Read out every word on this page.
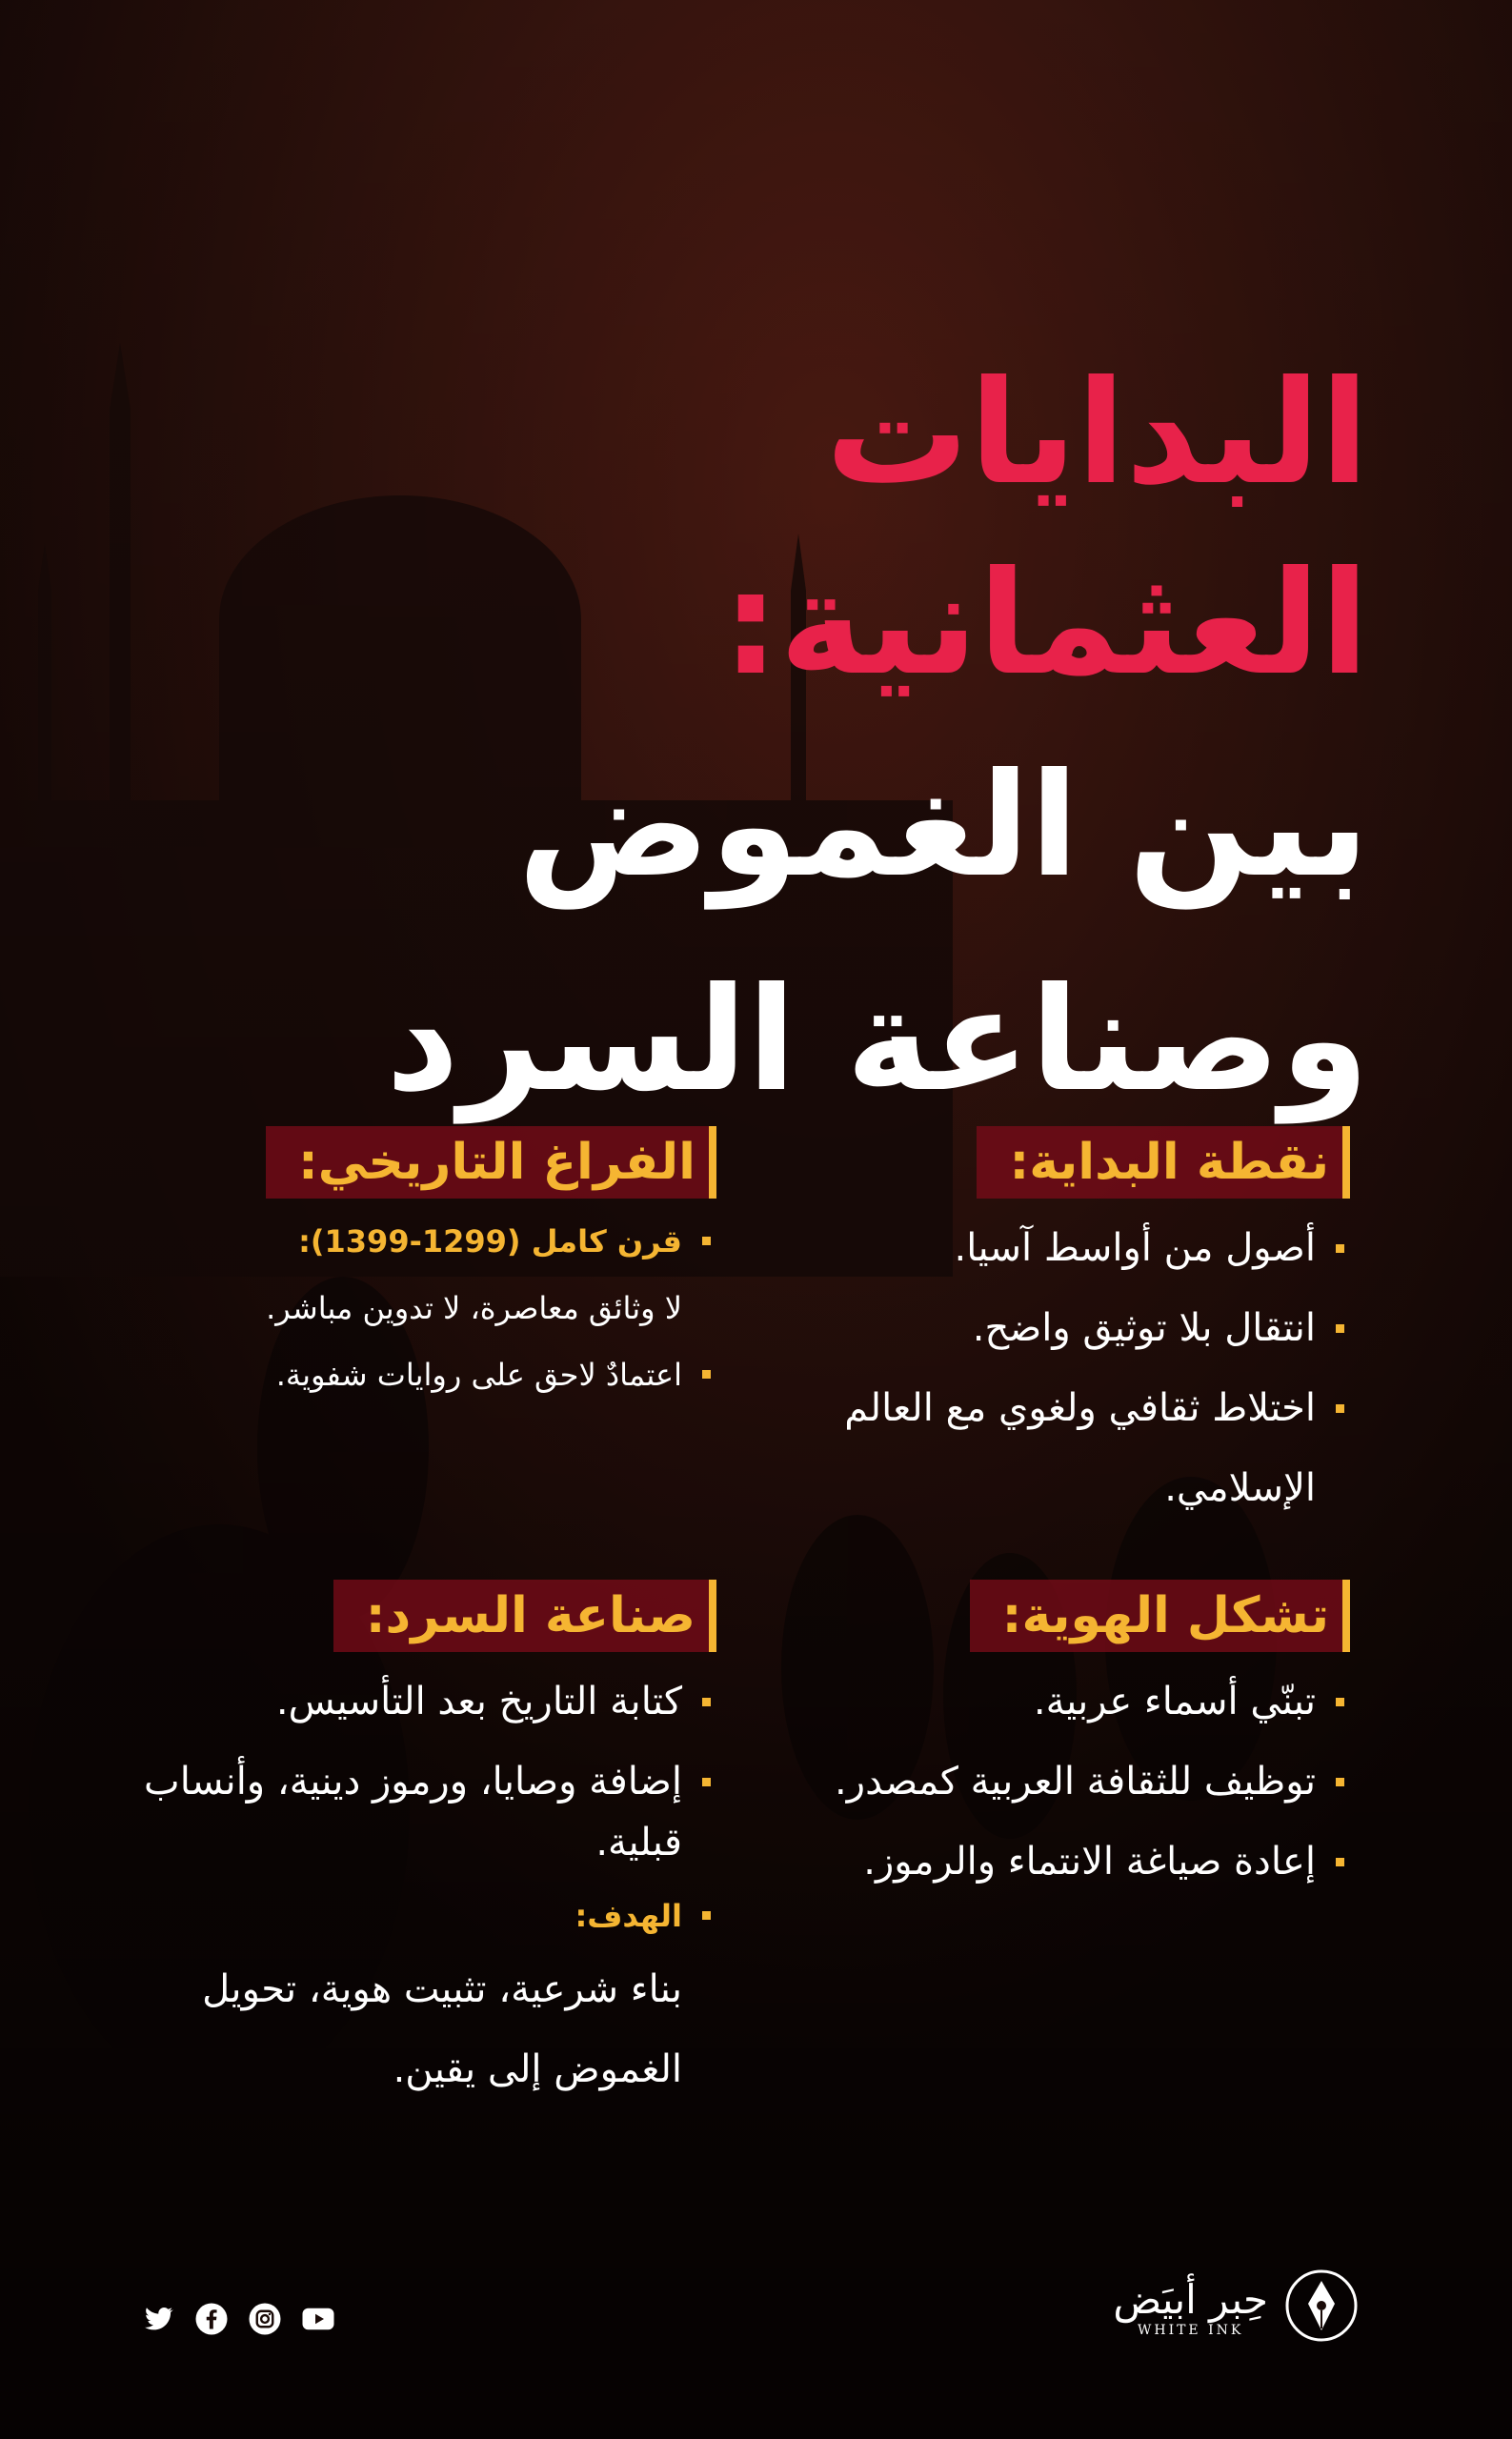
البدايات العثمانية:
بين الغموض
وصناعة السرد
نقطة البداية:
أصول من أواسط آسيا.
انتقال بلا توثيق واضح.
اختلاط ثقافي ولغوي مع العالم الإسلامي.
الفراغ التاريخي:
قرن كامل (1299-1399):
لا وثائق معاصرة، لا تدوين مباشر.
اعتمادٌ لاحق على روايات شفوية.
تشكل الهوية:
تبنّي أسماء عربية.
توظيف للثقافة العربية كمصدر.
إعادة صياغة الانتماء والرموز.
صناعة السرد:
كتابة التاريخ بعد التأسيس.
إضافة وصايا، ورموز دينية، وأنساب قبلية.
الهدف:
بناء شرعية، تثبيت هوية، تحويل الغموض إلى يقين.
حِبر أبيَض
WHITE INK
